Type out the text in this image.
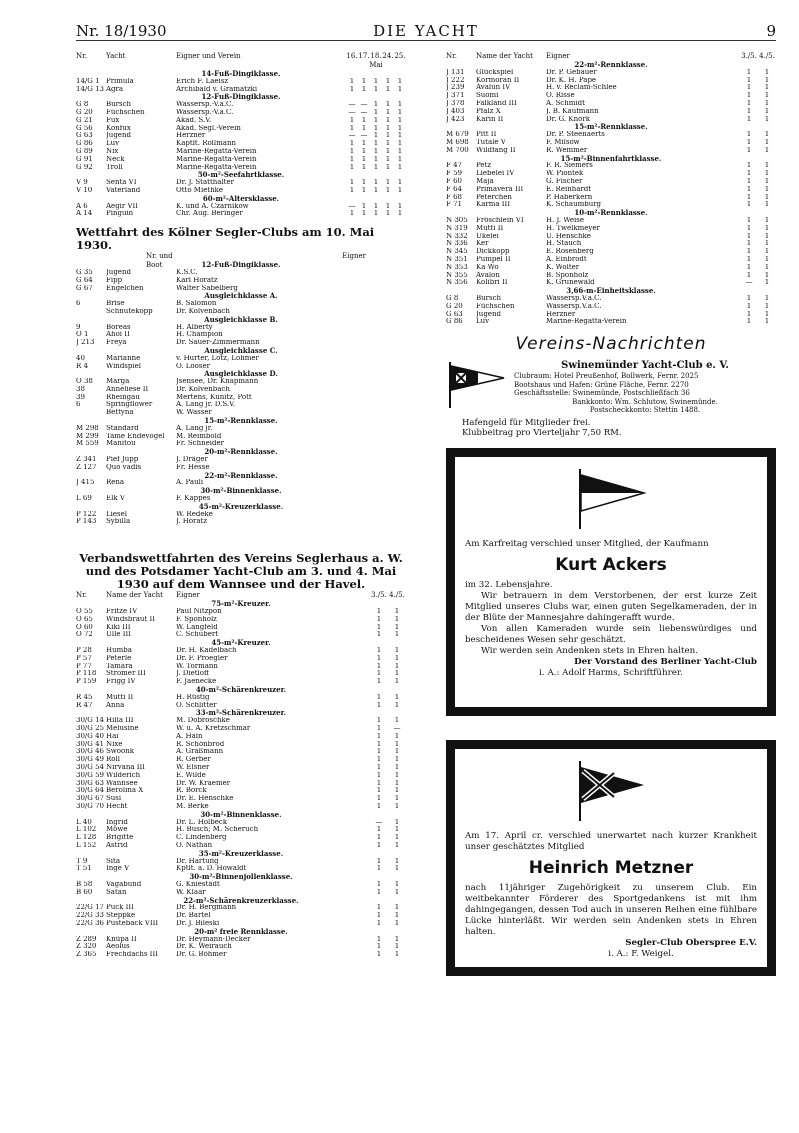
Nr. 18/1930	DIE YACHT	9
Nr.	Yacht	Eigner und Verein	16. 17. 18. 24. 25.
Mai
14-Fuß-Dingiklasse.
14/G 1 Primula	Erich F. Laeisz	1	1	1	1	1
14/G 13 Agra	Archibald v. Gramatzki	1	1	1	1	1
12-Fuß-Dingiklasse.
G 8	Bursch	Wassersp.-V.a.C.	— — 1	1	1
G 20	Füchschen	Wassersp.-V.a.C.	— — 1	1	1
G 21	Fux	Akad. S.V.	1	1	1	1	1
G 56	Konfux	Akad. Segl.-Verein	1	1	1	1	1
G 63	Jugend	Herzner	— — 1	1	1
G 86	Luv	Kaptlt. Rollmann	1	1	1	1	1
G 89	Nix	Marine-Regatta-Verein	1	1	1	1	1
G 91	Neck	Marine-Regatta-Verein	1	1	1	1	1
G 92	Troll	Marine-Regatta-Verein	1	1	1	1	1
50-m²-Seefahrtklasse.
V 9	Senta VI	Dr. J. Statthalter	1	1	1	1	1
V 10	Vaterland	Otto Miethke	1	1	1	1	1
60-m²-Altersklasse.
A 6	Aegir VII	K. und A. Czarnikow	— 1	1	1	1
A 14	Pinguin	Chr. Aug. Beringer	1	1	1	1	1
Wettfahrt des Kölner Segler-Clubs am 10. Mai 1930.
Nr. und Boot
Eigner
12-Fuß-Dingiklasse.
G 35	Jugend	K.S.C.
G 64	Fipp	Karl Horatz
G 67	Engelchen	Walter Sabelberg
Ausgleichklasse A.
6	Brise	B. Salomon
Schnutekopp	Dr. Kolvenbach
Ausgleichklasse B.
9	Boreas	H. Alberty
O 1	Ahoi II	H. Champion
J 213	Freya	Dr. Sauer-Zimmermann
Ausgleichklasse C.
40	Marianne	v. Hurter, Lotz, Lohmer
R 4	Windspiel	O. Looser
Ausgleichklasse D.
O 38	Marga	Jsensee, Dr. Knapmann
38	Anneliese II	Dr. Kolvenbach
39	Rheingau	Mertens, Kunitz, Pott
6	Springflower	A. Lang jr. D.S.V.
Bettyna	W. Wasser
15-m²-Rennklasse.
M 298	Standard	A. Lang jr.
M 299	Tame Endevogel	M. Reimbold
M 559	Manitou	Fr. Schneider
20-m²-Rennklasse.
Z 341	Pief Jupp	J. Dräger
Z 127	Quo vadis	Fr. Hesse
22-m²-Rennklasse.
J 415	Rena	A. Pauli
30-m²-Binnenklasse.
L 69	Elk V	F. Kappes
45-m²-Kreuzerklasse.
P 122	Liesel	W. Redeke
P 143	Sybilla	J. Horatz
Verbandswettfahrten des Vereins Seglerhaus a. W. und des Potsdamer Yacht-Club am 3. und 4. Mai 1930 auf dem Wannsee und der Havel.
Nr.	Name der Yacht	Eigner	3./5. 4./5.
75-m²-Kreuzer.
O 55	Fritze IV	Paul Nitzpon	1	1
O 65	Windsbraut II	F. Sponholz	1	1
O 60	Kiki III	W. Langfeld	1	1
O 72	Ulle III	C. Schubert	1	1
45-m²-Kreuzer.
P 28	Humba	Dr. H. Kadelbach	1	1
P 57	Peterle	Dr. F. Proegler	1	1
P 77	Tamara	W. Tormann	1	1
P 118	Stromer III	J. Dietloff	1	1
P 159	Frigg IV	F. Jaenecke	1	1
40-m²-Schärenkreuzer.
R 45	Mutti II	H. Rüstig	1	1
R 47	Anna	O. Schlitter	1	1
33-m²-Schärenkreuzer.
30/G 14 Hilla III	M. Dobroschke	1	1
30/G 25 Melusine	W. u. A. Kretzschmar	1	—
30/G 40 Hai	A. Hain	1	1
30/G 41 Nixe	R. Schönbrod	1	1
30/G 46 Swoonk	A. Graßmann	1	1
30/G 49 Roll	R. Gerber	1	1
30/G 54 Nirvana III	W. Elsner	1	1
30/G 59 Wilderich	E. Wilde	1	1
30/G 63 Wannsee	Dr. W. Kraemer	1	1
30/G 64 Berolina X	R. Borck	1	1
30/G 67 Susi	Dr. E. Henschke	1	1
30/G 70 Hecht	M. Berke	1	1
30-m²-Binnenklasse.
L 40	Ingrid	Dr. L. Holbeck	—	1
L 102	Möwe	H. Busch; M. Scheruch	1	1
L 128	Brigitte	C. Lindenberg	1	1
L 152	Astrid	O. Nathan	1	1
35-m²-Kreuzerklasse.
T 9	Sita	Dr. Hartung	1	1
T 51	Inge V	Kptlt. a. D. Howaldt	1	1
30-m²-Binnenjollenklasse.
B 58	Vagabund	G. Kniestädt	1	1
B 60	Satan	W. Klaar	1	1
22-m²-Schärenkreuzerklasse.
22/G 17 Puck III	Dr. H. Bergmann	1	1
22/G 33 Steppke	Dr. Bartel	1	1
22/G 36 Pusteback VIII	Dr. J. Bileski	1	1
20-m² freie Rennklasse.
Z 289	Knüpa II	Dr. Heymann-Decker	1	1
Z 320	Aeolus	Dr. K. Weirauch	1	1
Z 365	Frechdachs III	Dr. G. Böhmer	1	1
Nr.	Name der Yacht	Eigner	3./5. 4./5.
22-m²-Rennklasse.
J 131	Glückspiel	Dr. P. Gebauer	1	1
J 222	Kormoran II	Dr. K. H. Pape	1	1
J 239	Avalun IV	H. v. Reclam-Schlee	1	1
J 371	Suomi	O. Risse	1	1
J 378	Falkland III	A. Schmidt	1	1
J 403	Pfalz X	J. B. Kaufmann	1	1
J 423	Karin II	Dr. G. Knörk	1	1
15-m²-Rennklasse.
M 679	Pitt II	Dr. P. Steenaerts	1	1
M 698	Tutale V	F. Milsow	1	1
M 700	Wildfang II	R. Wemmer	1	1
15-m²-Binnenfahrtklasse.
F 47	Petz	F. R. Siemers	1	1
F 59	Liebelei IV	W. Piontek	1	1
F 60	Maja	G. Fischer	1	1
F 64	Primavera III	E. Reinhardt	1	1
F 68	Peterchen	P. Haberkern	1	1
F 71	Karma III	K. Schaumburg	1	1
10-m²-Rennklasse.
N 305	Fröschlein VI	H. J. Weise	1	1
N 319	Mutti II	H. Twelkmeyer	1	1
N 332	Ukelei	U. Henschke	1	1
N 336	Ker	H. Stauch	1	1
N 345	Dickkopp	E. Rosenberg	1	1
N 351	Pumpel II	A. Einbrodt	1	1
N 353	Ka Wo	K. Wolter	1	1
N 355	Avalon	B. Sponholz	1	1
N 356	Kolibri II	K. Grunewald	—	1
3,66-m-Einheitsklasse.
G 8	Bursch	Wassersp.V.a.C.	1	1
G 20	Füchschen	Wassersp.V.a.C.	1	1
G 63	Jugend	Herzner	1	1
G 86	Luv	Marine-Regatta-Verein	1	1
Vereins-Nachrichten
Swinemünder Yacht-Club e. V.
Clubraum: Hotel Preußenhof, Bollwerk, Fernr. 2025
Bootshaus und Hafen: Grüne Fläche, Fernr. 2270
Geschäftsstelle: Swinemünde, Postschließfach 36
Bankkonto: Wm. Schlutow, Swinemünde.
Postscheckkonto: Stettin 1488.
Hafengeld für Mitglieder frei.
Klubbeitrag pro Vierteljahr 7,50 RM.

Am Karfreitag verschied unser Mitglied, der Kaufmann

Kurt Ackers

im 32. Lebensjahre.

Wir betrauern in dem Verstorbenen, der erst kurze Zeit Mitglied unseres Clubs war, einen guten Segelkameraden, der in der Blüte der Mannesjahre dahingerafft wurde.

Von allen Kameraden wurde sein liebenswürdiges und bescheidenes Wesen sehr geschätzt.

Wir werden sein Andenken stets in Ehren halten.

Der Vorstand des Berliner Yacht-Club
i. A.: Adolf Harms, Schriftführer.

Am 17. April cr. verschied unerwartet nach kurzer Krankheit unser geschätztes Mitglied

Heinrich Metzner

nach 11jähriger Zugehörigkeit zu unserem Club. Ein weitbekannter Förderer des Sportgedankens ist mit ihm dahingegangen, dessen Tod auch in unseren Reihen eine fühlbare Lücke hinterläßt. Wir werden sein Andenken stets in Ehren halten.

Segler-Club Oberspree E.V.
i. A.: F. Weigel.
